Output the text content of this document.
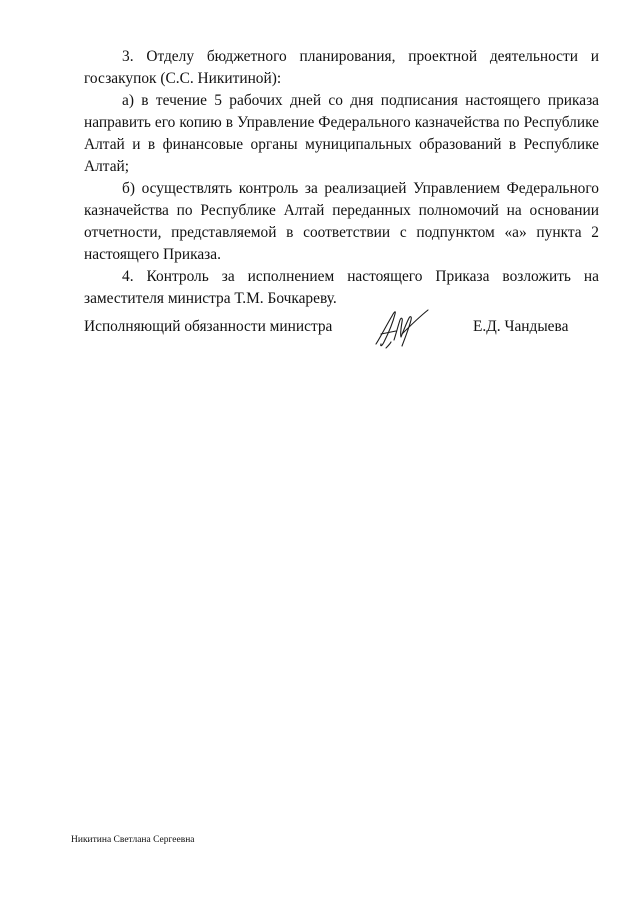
3. Отделу бюджетного планирования, проектной деятельности и госзакупок (С.С. Никитиной):

а) в течение 5 рабочих дней со дня подписания настоящего приказа направить его копию в Управление Федерального казначейства по Республике Алтай и в финансовые органы муниципальных образований в Республике Алтай;

б) осуществлять контроль за реализацией Управлением Федерального казначейства по Республике Алтай переданных полномочий на основании отчетности, представляемой в соответствии с подпунктом «а» пункта 2 настоящего Приказа.

4. Контроль за исполнением настоящего Приказа возложить на заместителя министра Т.М. Бочкареву.

Исполняющий обязанности министра	Е.Д. Чандыева
Никитина Светлана Сергеевна
